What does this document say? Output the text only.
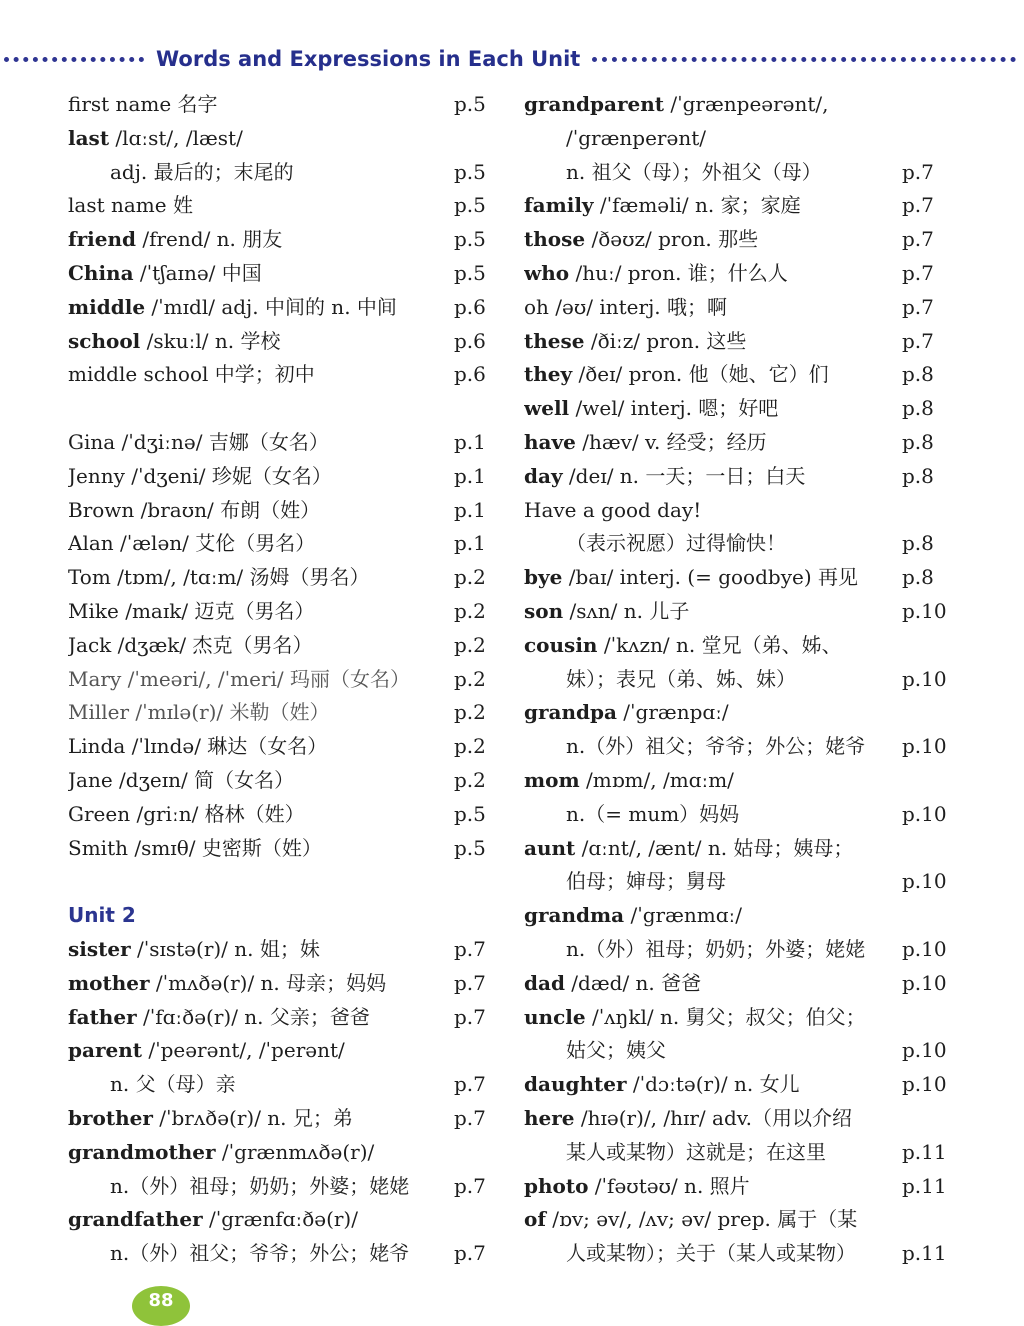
Words and Expressions in Each Unit
first name 名字	p.5
last /lɑːst/, /læst/
adj. 最后的；末尾的	p.5
last name 姓	p.5
friend /frend/ n. 朋友	p.5
China /ˈtʃaɪnə/ 中国	p.5
middle /ˈmɪdl/ adj. 中间的 n. 中间	p.6
school /skuːl/ n. 学校	p.6
middle school 中学；初中	p.6
Gina /ˈdʒiːnə/ 吉娜（女名）	p.1
Jenny /ˈdʒeni/ 珍妮（女名）	p.1
Brown /braʊn/ 布朗（姓）	p.1
Alan /ˈælən/ 艾伦（男名）	p.1
Tom /tɒm/, /tɑːm/ 汤姆（男名）	p.2
Mike /maɪk/ 迈克（男名）	p.2
Jack /dʒæk/ 杰克（男名）	p.2
Mary /ˈmeəri/, /ˈmeri/ 玛丽（女名）	p.2
Miller /ˈmɪlə(r)/ 米勒（姓）	p.2
Linda /ˈlɪndə/ 琳达（女名）	p.2
Jane /dʒeɪn/ 简（女名）	p.2
Green /griːn/ 格林（姓）	p.5
Smith /smɪθ/ 史密斯（姓）	p.5
Unit 2
sister /ˈsɪstə(r)/ n. 姐；妹	p.7
mother /ˈmʌðə(r)/ n. 母亲；妈妈	p.7
father /ˈfɑːðə(r)/ n. 父亲；爸爸	p.7
parent /ˈpeərənt/, /ˈperənt/
n. 父（母）亲	p.7
brother /ˈbrʌðə(r)/ n. 兄；弟	p.7
grandmother /ˈgrænmʌðə(r)/
n.（外）祖母；奶奶；外婆；姥姥	p.7
grandfather /ˈgrænfɑːðə(r)/
n.（外）祖父；爷爷；外公；姥爷	p.7
grandparent /ˈgrænpeərənt/,
/ˈgrænperənt/
n. 祖父（母）；外祖父（母）	p.7
family /ˈfæməli/ n. 家；家庭	p.7
those /ðəʊz/ pron. 那些	p.7
who /huː/ pron. 谁；什么人	p.7
oh /əʊ/ interj. 哦；啊	p.7
these /ðiːz/ pron. 这些	p.7
they /ðeɪ/ pron. 他（她、它）们	p.8
well /wel/ interj. 嗯；好吧	p.8
have /hæv/ v. 经受；经历	p.8
day /deɪ/ n. 一天；一日；白天	p.8
Have a good day!
（表示祝愿）过得愉快！	p.8
bye /baɪ/ interj. (= goodbye) 再见	p.8
son /sʌn/ n. 儿子	p.10
cousin /ˈkʌzn/ n. 堂兄（弟、姊、
妹）；表兄（弟、姊、妹）	p.10
grandpa /ˈgrænpɑː/
n.（外）祖父；爷爷；外公；姥爷	p.10
mom /mɒm/, /mɑːm/
n.（= mum）妈妈	p.10
aunt /ɑːnt/, /ænt/ n. 姑母；姨母；
伯母；婶母；舅母	p.10
grandma /ˈgrænmɑː/
n.（外）祖母；奶奶；外婆；姥姥	p.10
dad /dæd/ n. 爸爸	p.10
uncle /ˈʌŋkl/ n. 舅父；叔父；伯父；
姑父；姨父	p.10
daughter /ˈdɔːtə(r)/ n. 女儿	p.10
here /hɪə(r)/, /hɪr/ adv.（用以介绍
某人或某物）这就是；在这里	p.11
photo /ˈfəʊtəʊ/ n. 照片	p.11
of /ɒv; əv/, /ʌv; əv/ prep. 属于（某
人或某物）；关于（某人或某物）	p.11
88
